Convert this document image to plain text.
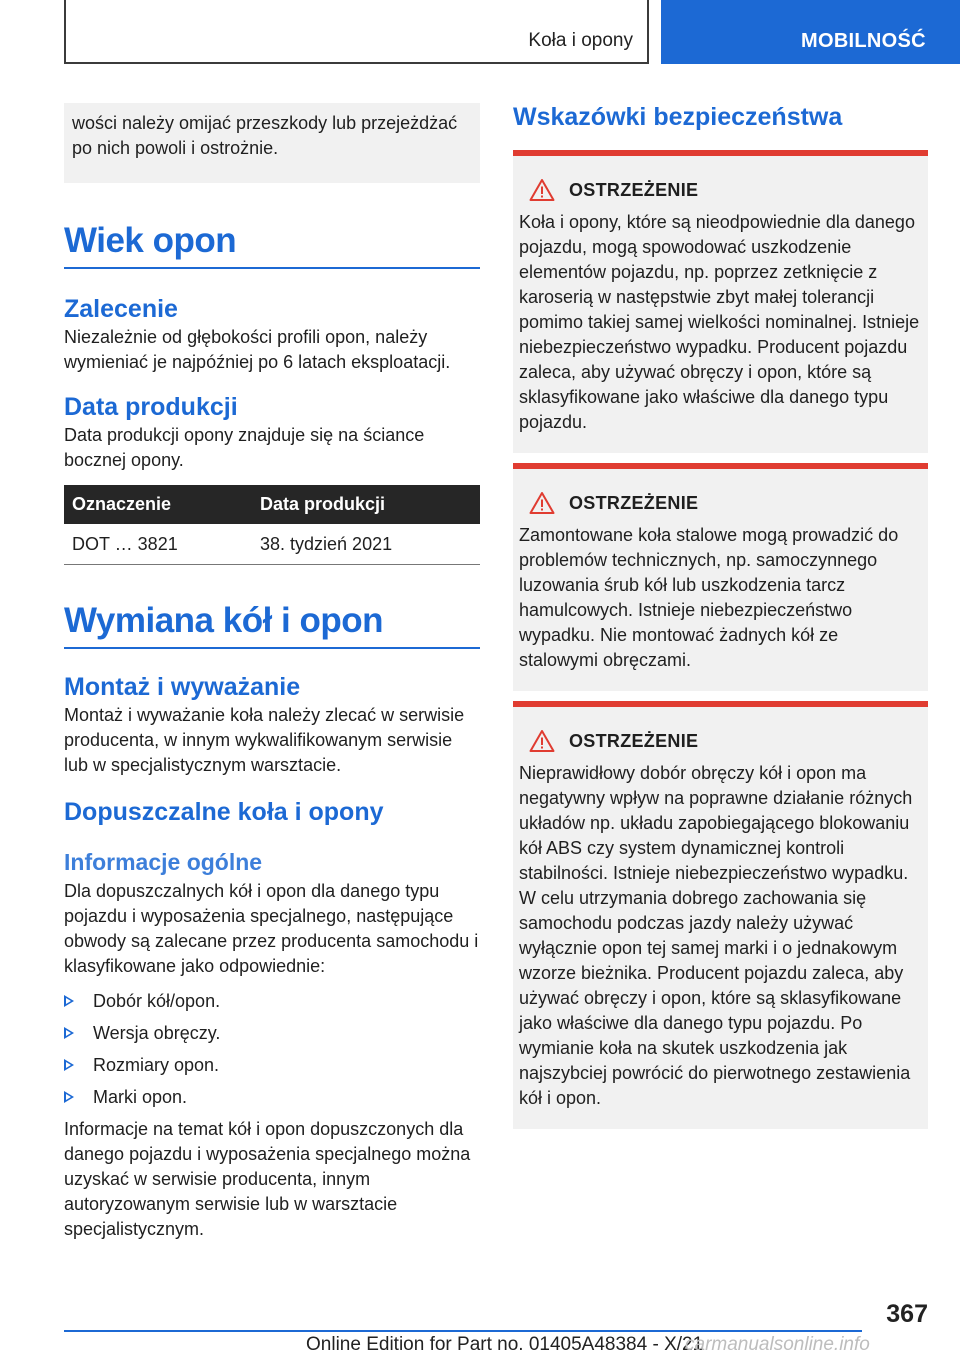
Koła i opony	MOBILNOŚĆ

wości należy omijać przeszkody lub przejeżdżać po nich powoli i ostrożnie.

Wiek opon
Zalecenie

Niezależnie od głębokości profili opon, należy wymieniać je najpóźniej po 6 latach eksploatacji.

Data produkcji

Data produkcji opony znajduje się na ściance bocznej opony.

Oznaczenie	Data produkcji
DOT … 3821	38. tydzień 2021
Wymiana kół i opon
Montaż i wyważanie

Montaż i wyważanie koła należy zlecać w serwisie producenta, w innym wykwalifikowanym serwisie lub w specjalistycznym warsztacie.

Dopuszczalne koła i opony
Informacje ogólne

Dla dopuszczalnych kół i opon dla danego typu pojazdu i wyposażenia specjalnego, następujące obwody są zalecane przez producenta samochodu i klasyfikowane jako odpowiednie:

Dobór kół/opon.
Wersja obręczy.
Rozmiary opon.
Marki opon.

Informacje na temat kół i opon dopuszczonych dla danego pojazdu i wyposażenia specjalnego można uzyskać w serwisie producenta, innym autoryzowanym serwisie lub w warsztacie specjalistycznym.

Wskazówki bezpieczeństwa
OSTRZEŻENIE

Koła i opony, które są nieodpowiednie dla danego pojazdu, mogą spowodować uszkodzenie elementów pojazdu, np. poprzez zetknięcie z karoserią w następstwie zbyt małej tolerancji pomimo takiej samej wielkości nominalnej. Istnieje niebezpieczeństwo wypadku. Producent pojazdu zaleca, aby używać obręczy i opon, które są sklasyfikowane jako właściwe dla danego typu pojazdu.

OSTRZEŻENIE

Zamontowane koła stalowe mogą prowadzić do problemów technicznych, np. samoczynnego luzowania śrub kół lub uszkodzenia tarcz hamulcowych. Istnieje niebezpieczeństwo wypadku. Nie montować żadnych kół ze stalowymi obręczami.

OSTRZEŻENIE

Nieprawidłowy dobór obręczy kół i opon ma negatywny wpływ na poprawne działanie różnych układów np. układu zapobiegającego blokowaniu kół ABS czy system dynamicznej kontroli stabilności. Istnieje niebezpieczeństwo wypadku. W celu utrzymania dobrego zachowania się samochodu podczas jazdy należy używać wyłącznie opon tej samej marki i o jednakowym wzorze bieżnika. Producent pojazdu zaleca, aby używać obręczy i opon, które są sklasyfikowane jako właściwe dla danego typu pojazdu. Po wymianie koła na skutek uszkodzenia jak najszybciej powrócić do pierwotnego zestawienia kół i opon.

367
Online Edition for Part no. 01405A48384 - X/21
carmanualsonline.info
